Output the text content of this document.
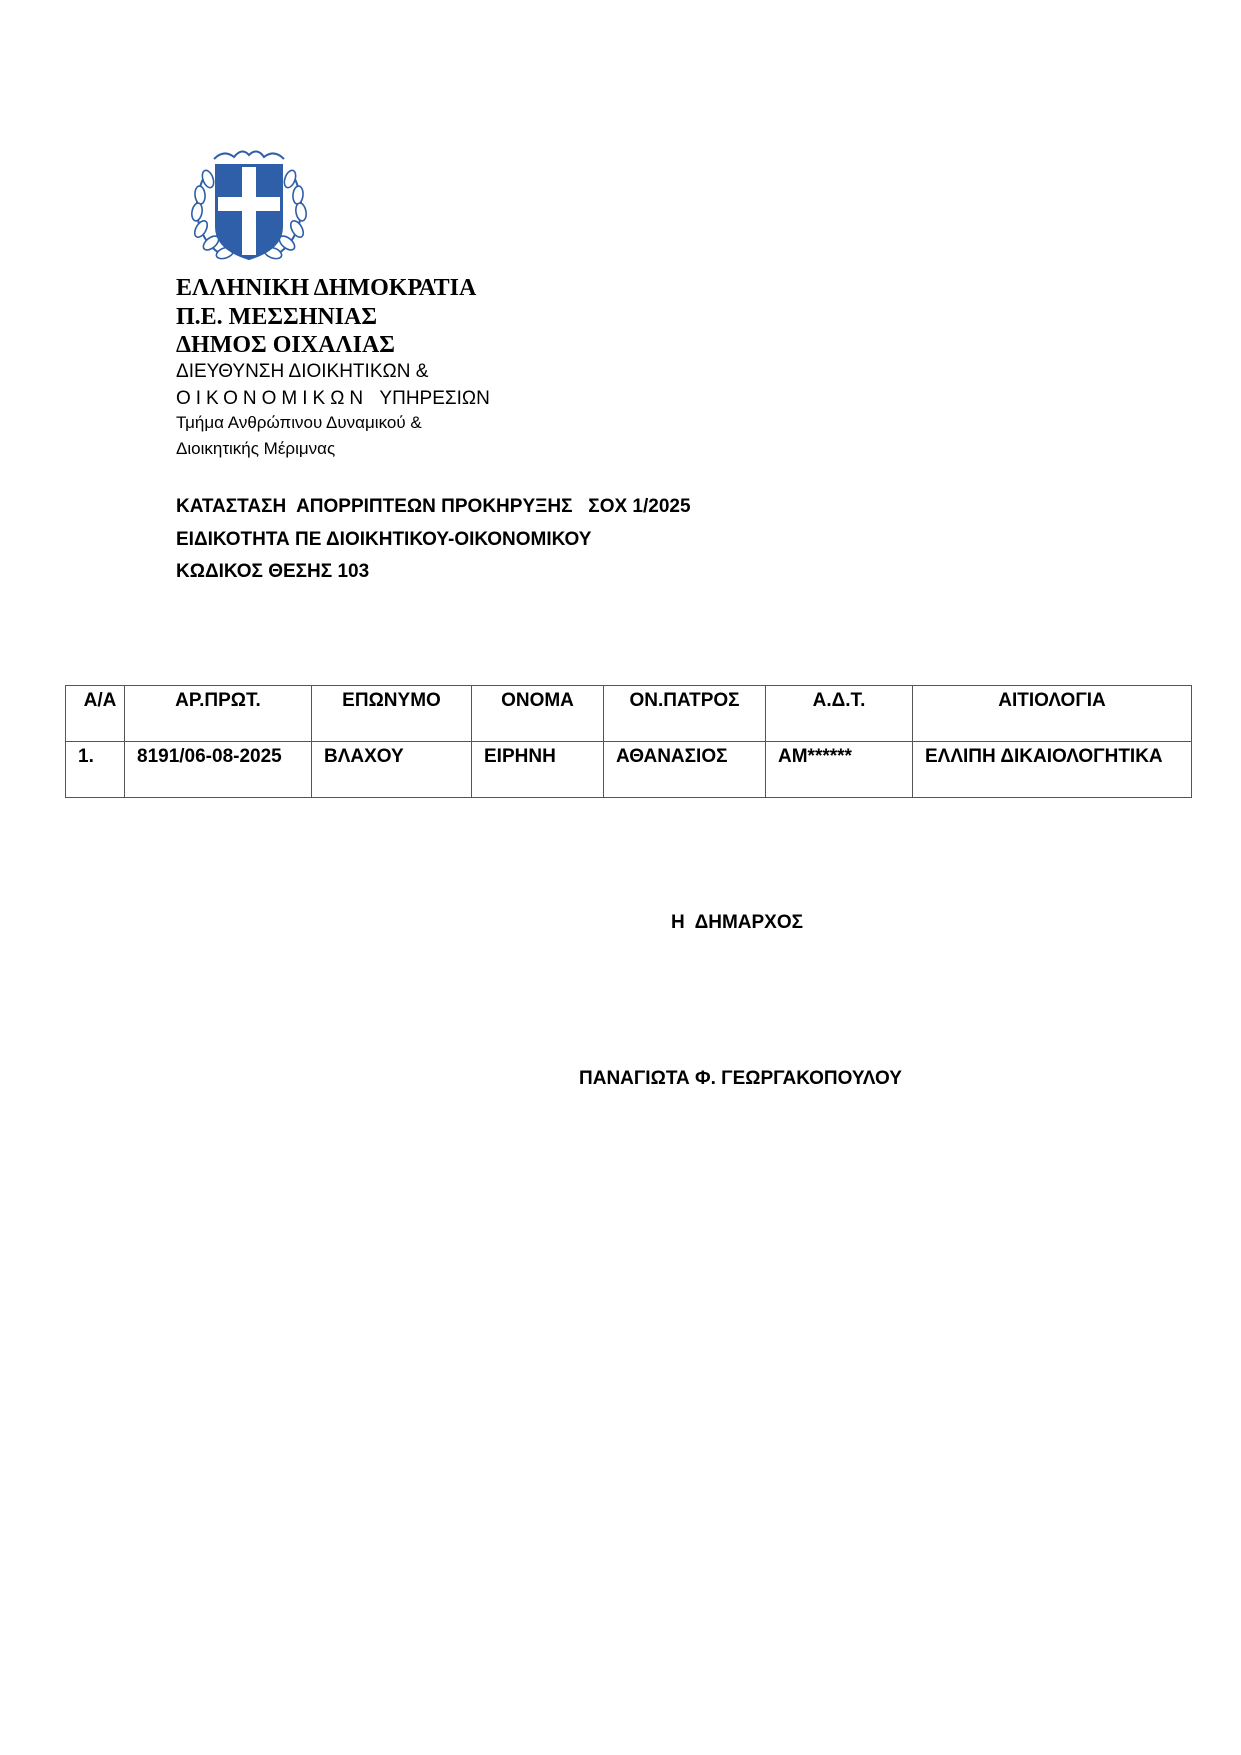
ΕΛΛΗΝΙΚΗ ΔΗΜΟΚΡΑΤΙΑ
Π.Ε. ΜΕΣΣΗΝΙΑΣ
ΔΗΜΟΣ ΟΙΧΑΛΙΑΣ
ΔΙΕΥΘΥΝΣΗ ΔΙΟΙΚΗΤΙΚΩΝ &
ΟΙΚΟΝΟΜΙΚΩΝ ΥΠΗΡΕΣΙΩΝ
Τμήμα Ανθρώπινου Δυναμικού &
Διοικητικής Μέριμνας
ΚΑΤΑΣΤΑΣΗ  ΑΠΟΡΡΙΠΤΕΩΝ ΠΡΟΚΗΡΥΞΗΣ   ΣΟΧ 1/2025
ΕΙΔΙΚΟΤΗΤΑ ΠΕ ΔΙΟΙΚΗΤΙΚΟΥ-ΟΙΚΟΝΟΜΙΚΟΥ
ΚΩΔΙΚΟΣ ΘΕΣΗΣ 103
Α/Α	ΑΡ.ΠΡΩΤ.	ΕΠΩΝΥΜΟ	ΟΝΟΜΑ	ΟΝ.ΠΑΤΡΟΣ	Α.Δ.Τ.	ΑΙΤΙΟΛΟΓΙΑ
1.	8191/06-08-2025	ΒΛΑΧΟΥ	ΕΙΡΗΝΗ	ΑΘΑΝΑΣΙΟΣ	ΑΜ******	ΕΛΛΙΠΗ ΔΙΚΑΙΟΛΟΓΗΤΙΚΑ
Η  ΔΗΜΑΡΧΟΣ
ΠΑΝΑΓΙΩΤΑ Φ. ΓΕΩΡΓΑΚΟΠΟΥΛΟΥ
